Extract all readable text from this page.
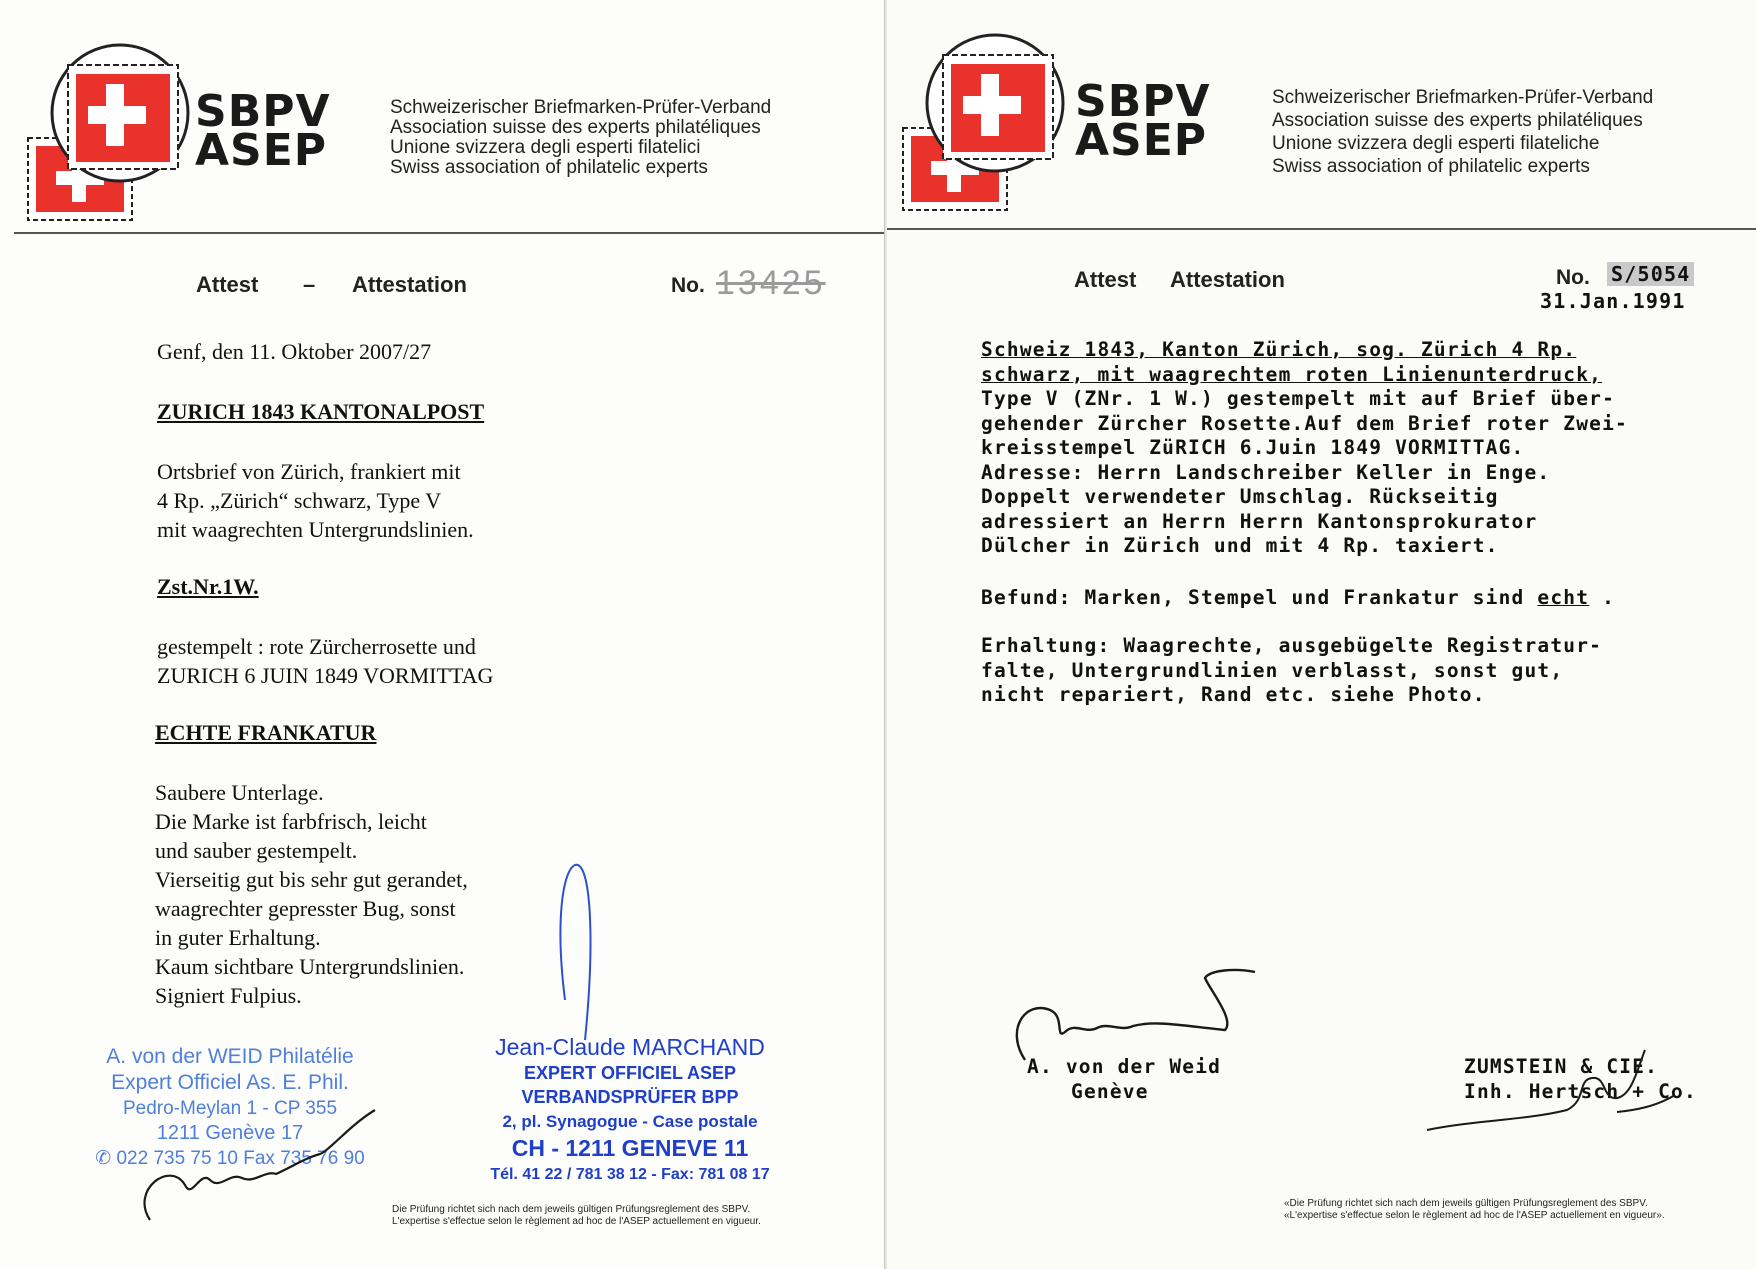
SBPV
ASEP
Schweizerischer Briefmarken-Prüfer-Verband
Association suisse des experts philatéliques
Unione svizzera degli esperti filatelici
Swiss association of philatelic experts
Attest – Attestation	No. 13425
Genf, den 11. Oktober 2007/27
ZURICH 1843 KANTONALPOST
Ortsbrief von Zürich, frankiert mit
4 Rp. „Zürich“ schwarz, Type V
mit waagrechten Untergrundslinien.
Zst.Nr.1W.
gestempelt : rote Zürcherrosette und
ZURICH 6 JUIN 1849 VORMITTAG
ECHTE FRANKATUR
Saubere Unterlage.
Die Marke ist farbfrisch, leicht
und sauber gestempelt.
Vierseitig gut bis sehr gut gerandet,
waagrechter gepresster Bug, sonst
in guter Erhaltung.
Kaum sichtbare Untergrundslinien.
Signiert Fulpius.
A. von der WEID Philatélie
Expert Officiel As. E. Phil.
Pedro-Meylan 1 - CP 355
1211 Genève 17
✆ 022 735 75 10 Fax 735 76 90
Jean-Claude MARCHAND
EXPERT OFFICIEL ASEP
VERBANDSPRÜFER BPP
2, pl. Synagogue - Case postale
CH - 1211 GENEVE 11
Tél. 41 22 / 781 38 12 - Fax: 781 08 17
Die Prüfung richtet sich nach dem jeweils gültigen Prüfungsreglement des SBPV.
L'expertise s'effectue selon le règlement ad hoc de l'ASEP actuellement en vigueur.
SBPV
ASEP
Schweizerischer Briefmarken-Prüfer-Verband
Association suisse des experts philatéliques
Unione svizzera degli esperti filateliche
Swiss association of philatelic experts
Attest Attestation	No. S/5054
31.Jan.1991
Schweiz 1843, Kanton Zürich, sog. Zürich 4 Rp.
schwarz, mit waagrechtem roten Linienunterdruck,
Type V (ZNr. 1 W.) gestempelt mit auf Brief über-
gehender Zürcher Rosette.Auf dem Brief roter Zwei-
kreisstempel ZüRICH 6.Juin 1849 VORMITTAG.
Adresse: Herrn Landschreiber Keller in Enge.
Doppelt verwendeter Umschlag. Rückseitig
adressiert an Herrn Herrn Kantonsprokurator
Dülcher in Zürich und mit 4 Rp. taxiert.
Befund: Marken, Stempel und Frankatur sind echt .
Erhaltung: Waagrechte, ausgebügelte Registratur-
falte, Untergrundlinien verblasst, sonst gut,
nicht repariert, Rand etc. siehe Photo.
A. von der Weid
Genève
ZUMSTEIN & CIE.
Inh. Hertsch + Co.
«Die Prüfung richtet sich nach dem jeweils gültigen Prüfungsreglement des SBPV.
«L'expertise s'effectue selon le règlement ad hoc de l'ASEP actuellement en vigueur».
